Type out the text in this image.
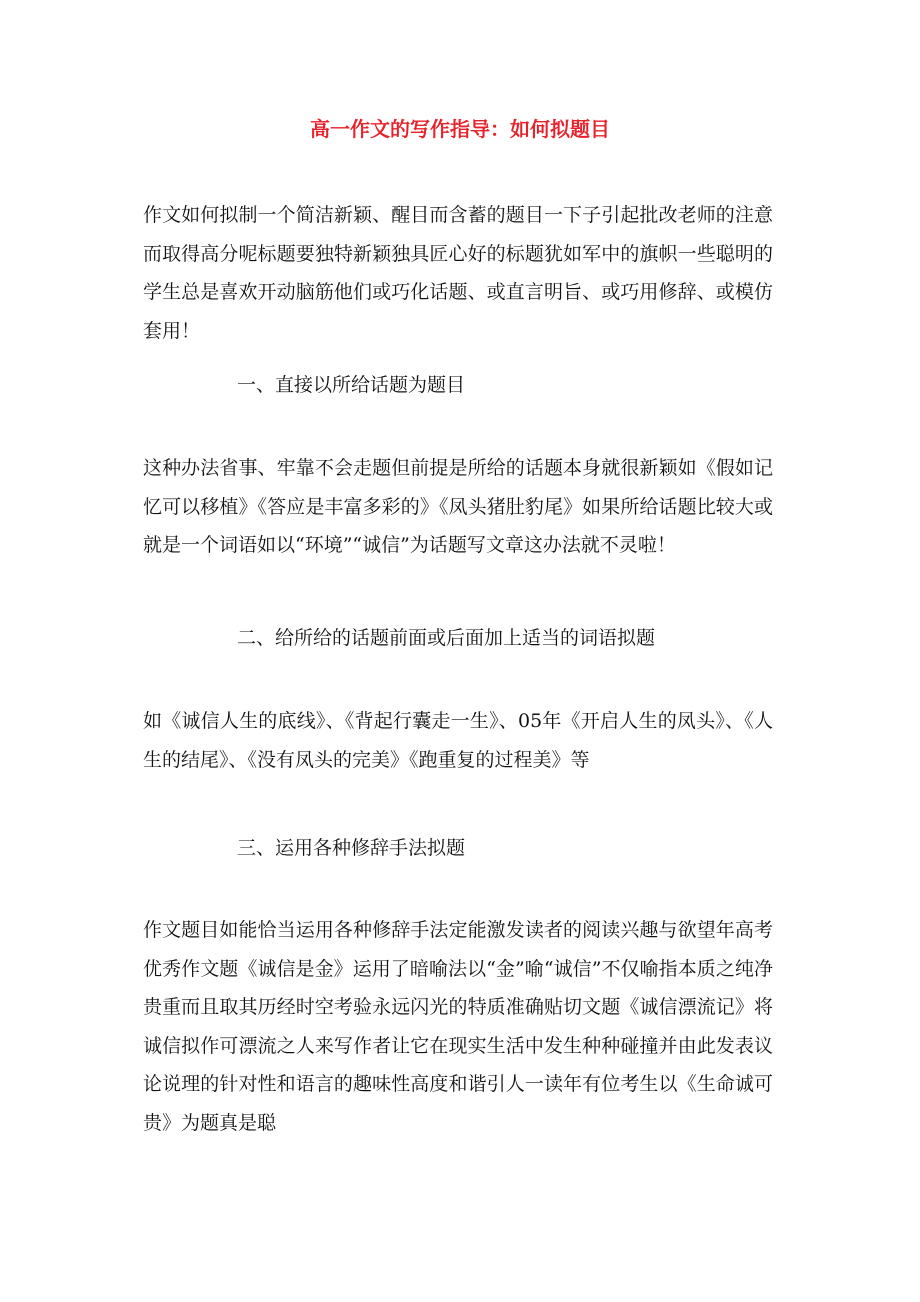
高一作文的写作指导：如何拟题目

作文如何拟制一个简洁新颖、醒目而含蓄的题目一下子引起批改老师的注意而取得高分呢标题要独特新颖独具匠心好的标题犹如军中的旗帜一些聪明的学生总是喜欢开动脑筋他们或巧化话题、或直言明旨、或巧用修辞、或模仿套用！

一、直接以所给话题为题目

这种办法省事、牢靠不会走题但前提是所给的话题本身就很新颖如《假如记忆可以移植》《答应是丰富多彩的》《凤头猪肚豹尾》如果所给话题比较大或就是一个词语如以“环境”“诚信”为话题写文章这办法就不灵啦！

二、给所给的话题前面或后面加上适当的词语拟题

如《诚信人生的底线》、《背起行囊走一生》、05年《开启人生的凤头》、《人生的结尾》、《没有凤头的完美》《跑重复的过程美》等

三、运用各种修辞手法拟题

作文题目如能恰当运用各种修辞手法定能激发读者的阅读兴趣与欲望年高考优秀作文题《诚信是金》运用了暗喻法以“金”喻“诚信”不仅喻指本质之纯净贵重而且取其历经时空考验永远闪光的特质准确贴切文题《诚信漂流记》将诚信拟作可漂流之人来写作者让它在现实生活中发生种种碰撞并由此发表议论说理的针对性和语言的趣味性高度和谐引人一读年有位考生以《生命诚可贵》为题真是聪
